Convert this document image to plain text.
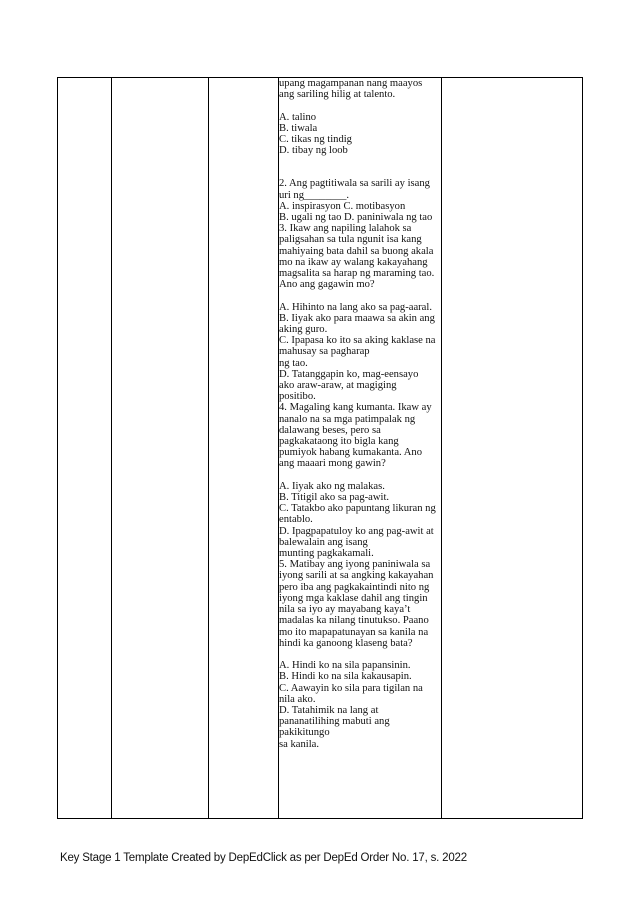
upang magampanan nang maayos

ang sariling hilig at talento.

A. talino

B. tiwala

C. tikas ng tindig

D. tibay ng loob

2. Ang pagtitiwala sa sarili ay isang

uri ng________.

A. inspirasyon C. motibasyon

B. ugali ng tao D. paniniwala ng tao

3. Ikaw ang napiling lalahok sa

paligsahan sa tula ngunit isa kang

mahiyaing bata dahil sa buong akala

mo na ikaw ay walang kakayahang

magsalita sa harap ng maraming tao.

Ano ang gagawin mo?

A. Hihinto na lang ako sa pag-aaral.

B. Iiyak ako para maawa sa akin ang

aking guro.

C. Ipapasa ko ito sa aking kaklase na

mahusay sa pagharap

ng tao.

D. Tatanggapin ko, mag-eensayo

ako araw-araw, at magiging

positibo.

4. Magaling kang kumanta. Ikaw ay

nanalo na sa mga patimpalak ng

dalawang beses, pero sa

pagkakataong ito bigla kang

pumiyok habang kumakanta. Ano

ang maaari mong gawin?

A. Iiyak ako ng malakas.

B. Titigil ako sa pag-awit.

C. Tatakbo ako papuntang likuran ng

entablo.

D. Ipagpapatuloy ko ang pag-awit at

balewalain ang isang

munting pagkakamali.

5. Matibay ang iyong paniniwala sa

iyong sarili at sa angking kakayahan

pero iba ang pagkakaintindi nito ng

iyong mga kaklase dahil ang tingin

nila sa iyo ay mayabang kaya’t

madalas ka nilang tinutukso. Paano

mo ito mapapatunayan sa kanila na

hindi ka ganoong klaseng bata?

A. Hindi ko na sila papansinin.

B. Hindi ko na sila kakausapin.

C. Aawayin ko sila para tigilan na

nila ako.

D. Tatahimik na lang at

pananatilihing mabuti ang

pakikitungo

sa kanila.

Key Stage 1 Template Created by DepEdClick as per DepEd Order No. 17, s. 2022
